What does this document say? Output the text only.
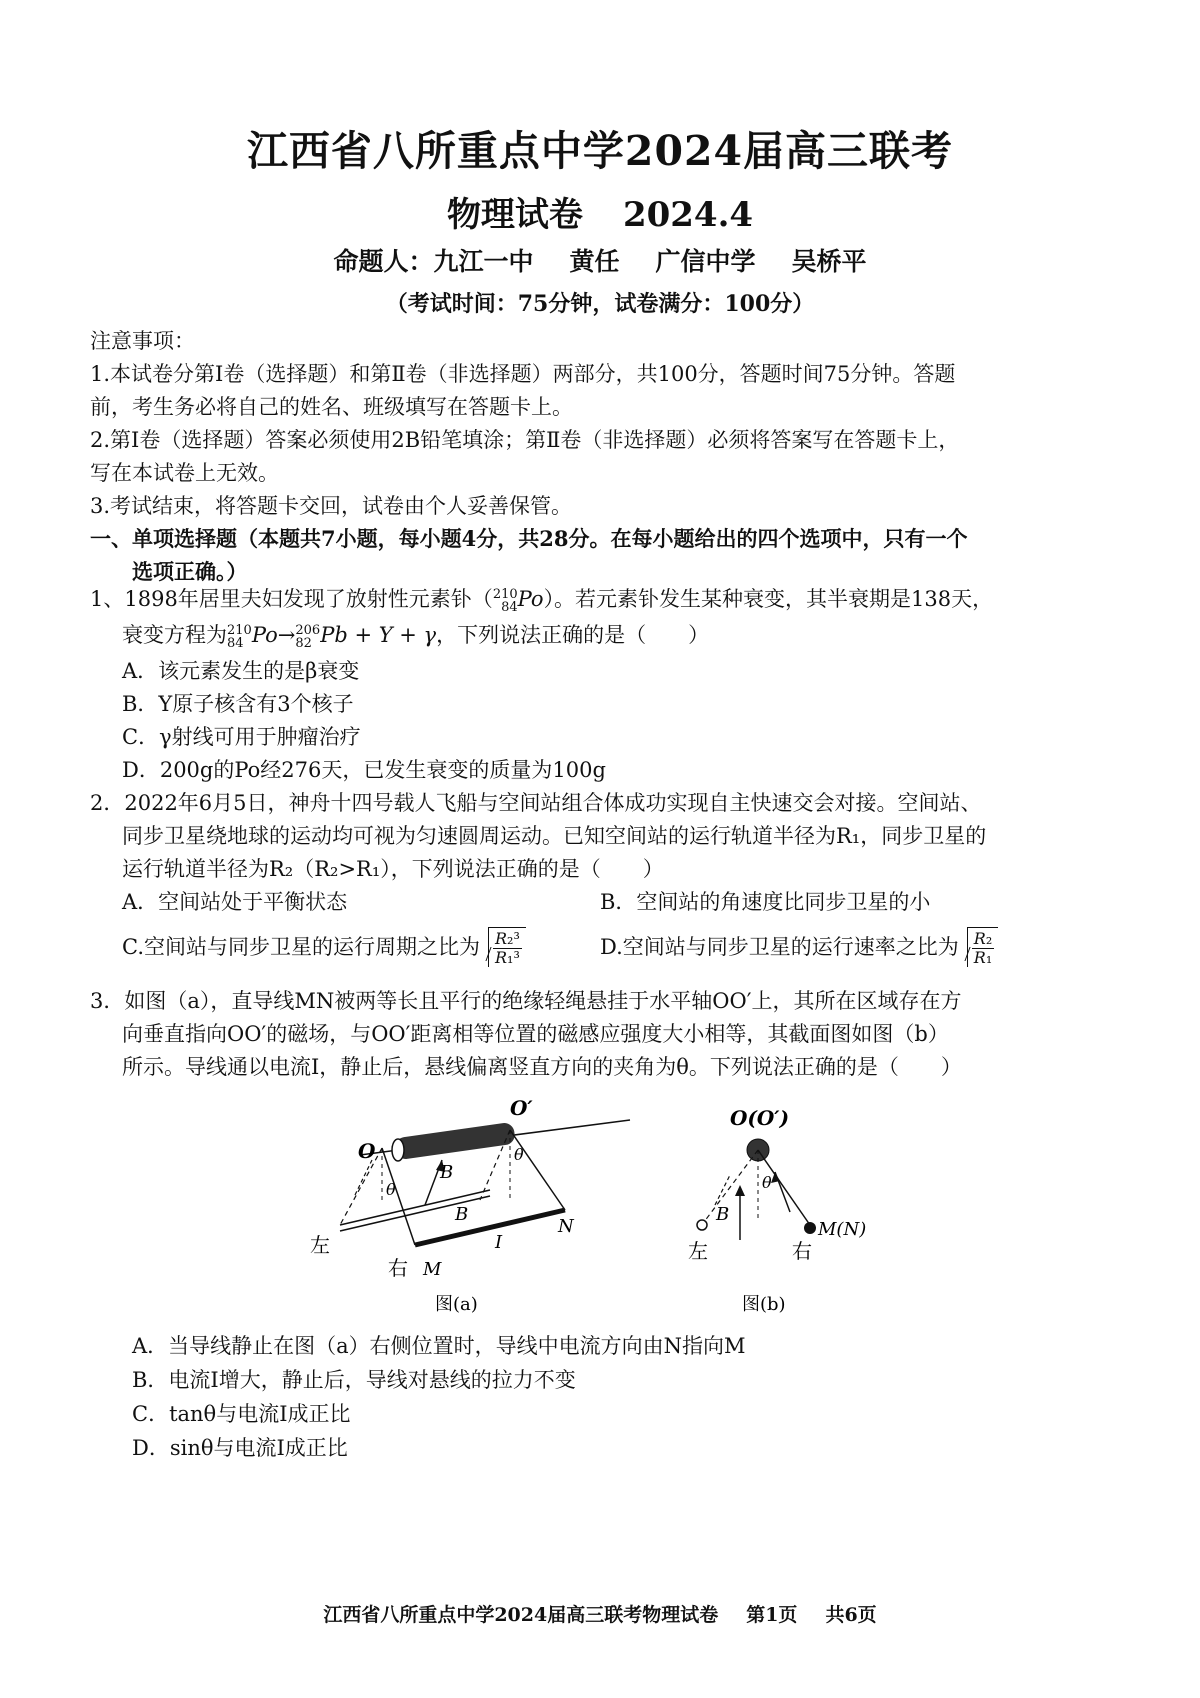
江西省八所重点中学2024届高三联考
物理试卷 2024.4
命题人：九江一中 黄任 广信中学 吴桥平
（考试时间：75分钟，试卷满分：100分）
注意事项：
1.本试卷分第Ⅰ卷（选择题）和第Ⅱ卷（非选择题）两部分，共100分，答题时间75分钟。答题
前，考生务必将自己的姓名、班级填写在答题卡上。
2.第Ⅰ卷（选择题）答案必须使用2B铅笔填涂；第Ⅱ卷（非选择题）必须将答案写在答题卡上，
写在本试卷上无效。
3.考试结束，将答题卡交回，试卷由个人妥善保管。
一、单项选择题（本题共7小题，每小题4分，共28分。在每小题给出的四个选项中，只有一个
选项正确。）
1、1898年居里夫妇发现了放射性元素钋（210
84Po）。若元素钋发生某种衰变，其半衰期是138天，
衰变方程为210
84 Po→206
82 Pb + Y + γ，下列说法正确的是（　　）
A．该元素发生的是β衰变
B．Y原子核含有3个核子
C．γ射线可用于肿瘤治疗
D．200g的Po经276天，已发生衰变的质量为100g
2．2022年6月5日，神舟十四号载人飞船与空间站组合体成功实现自主快速交会对接。空间站、
同步卫星绕地球的运动均可视为匀速圆周运动。已知空间站的运行轨道半径为R₁，同步卫星的
运行轨道半径为R₂（R₂>R₁），下列说法正确的是（　　）
A．空间站处于平衡状态	B．空间站的角速度比同步卫星的小
C.空间站与同步卫星的运行周期之比为 $\frac{\text{R₂³}}{\text{R₁³}}$	D.空间站与同步卫星的运行速率之比为 $\frac{\text{R₂}}{\text{R₁}}$
3．如图（a），直导线MN被两等长且平行的绝缘轻绳悬挂于水平轴OO′上，其所在区域存在方
向垂直指向OO′的磁场，与OO′距离相等位置的磁感应强度大小相等，其截面图如图（b）
所示。导线通以电流I，静止后，悬线偏离竖直方向的夹角为θ。下列说法正确的是（　　）
O
O′
B
B
θ
θ
I
N
M
左
右
图(a)
O(O′)
θ
B
M(N)
左	右
图(b)
A．当导线静止在图（a）右侧位置时，导线中电流方向由N指向M
B．电流I增大，静止后，导线对悬线的拉力不变
C．tanθ与电流I成正比
D．sinθ与电流I成正比
江西省八所重点中学2024届高三联考物理试卷 第1页 共6页
